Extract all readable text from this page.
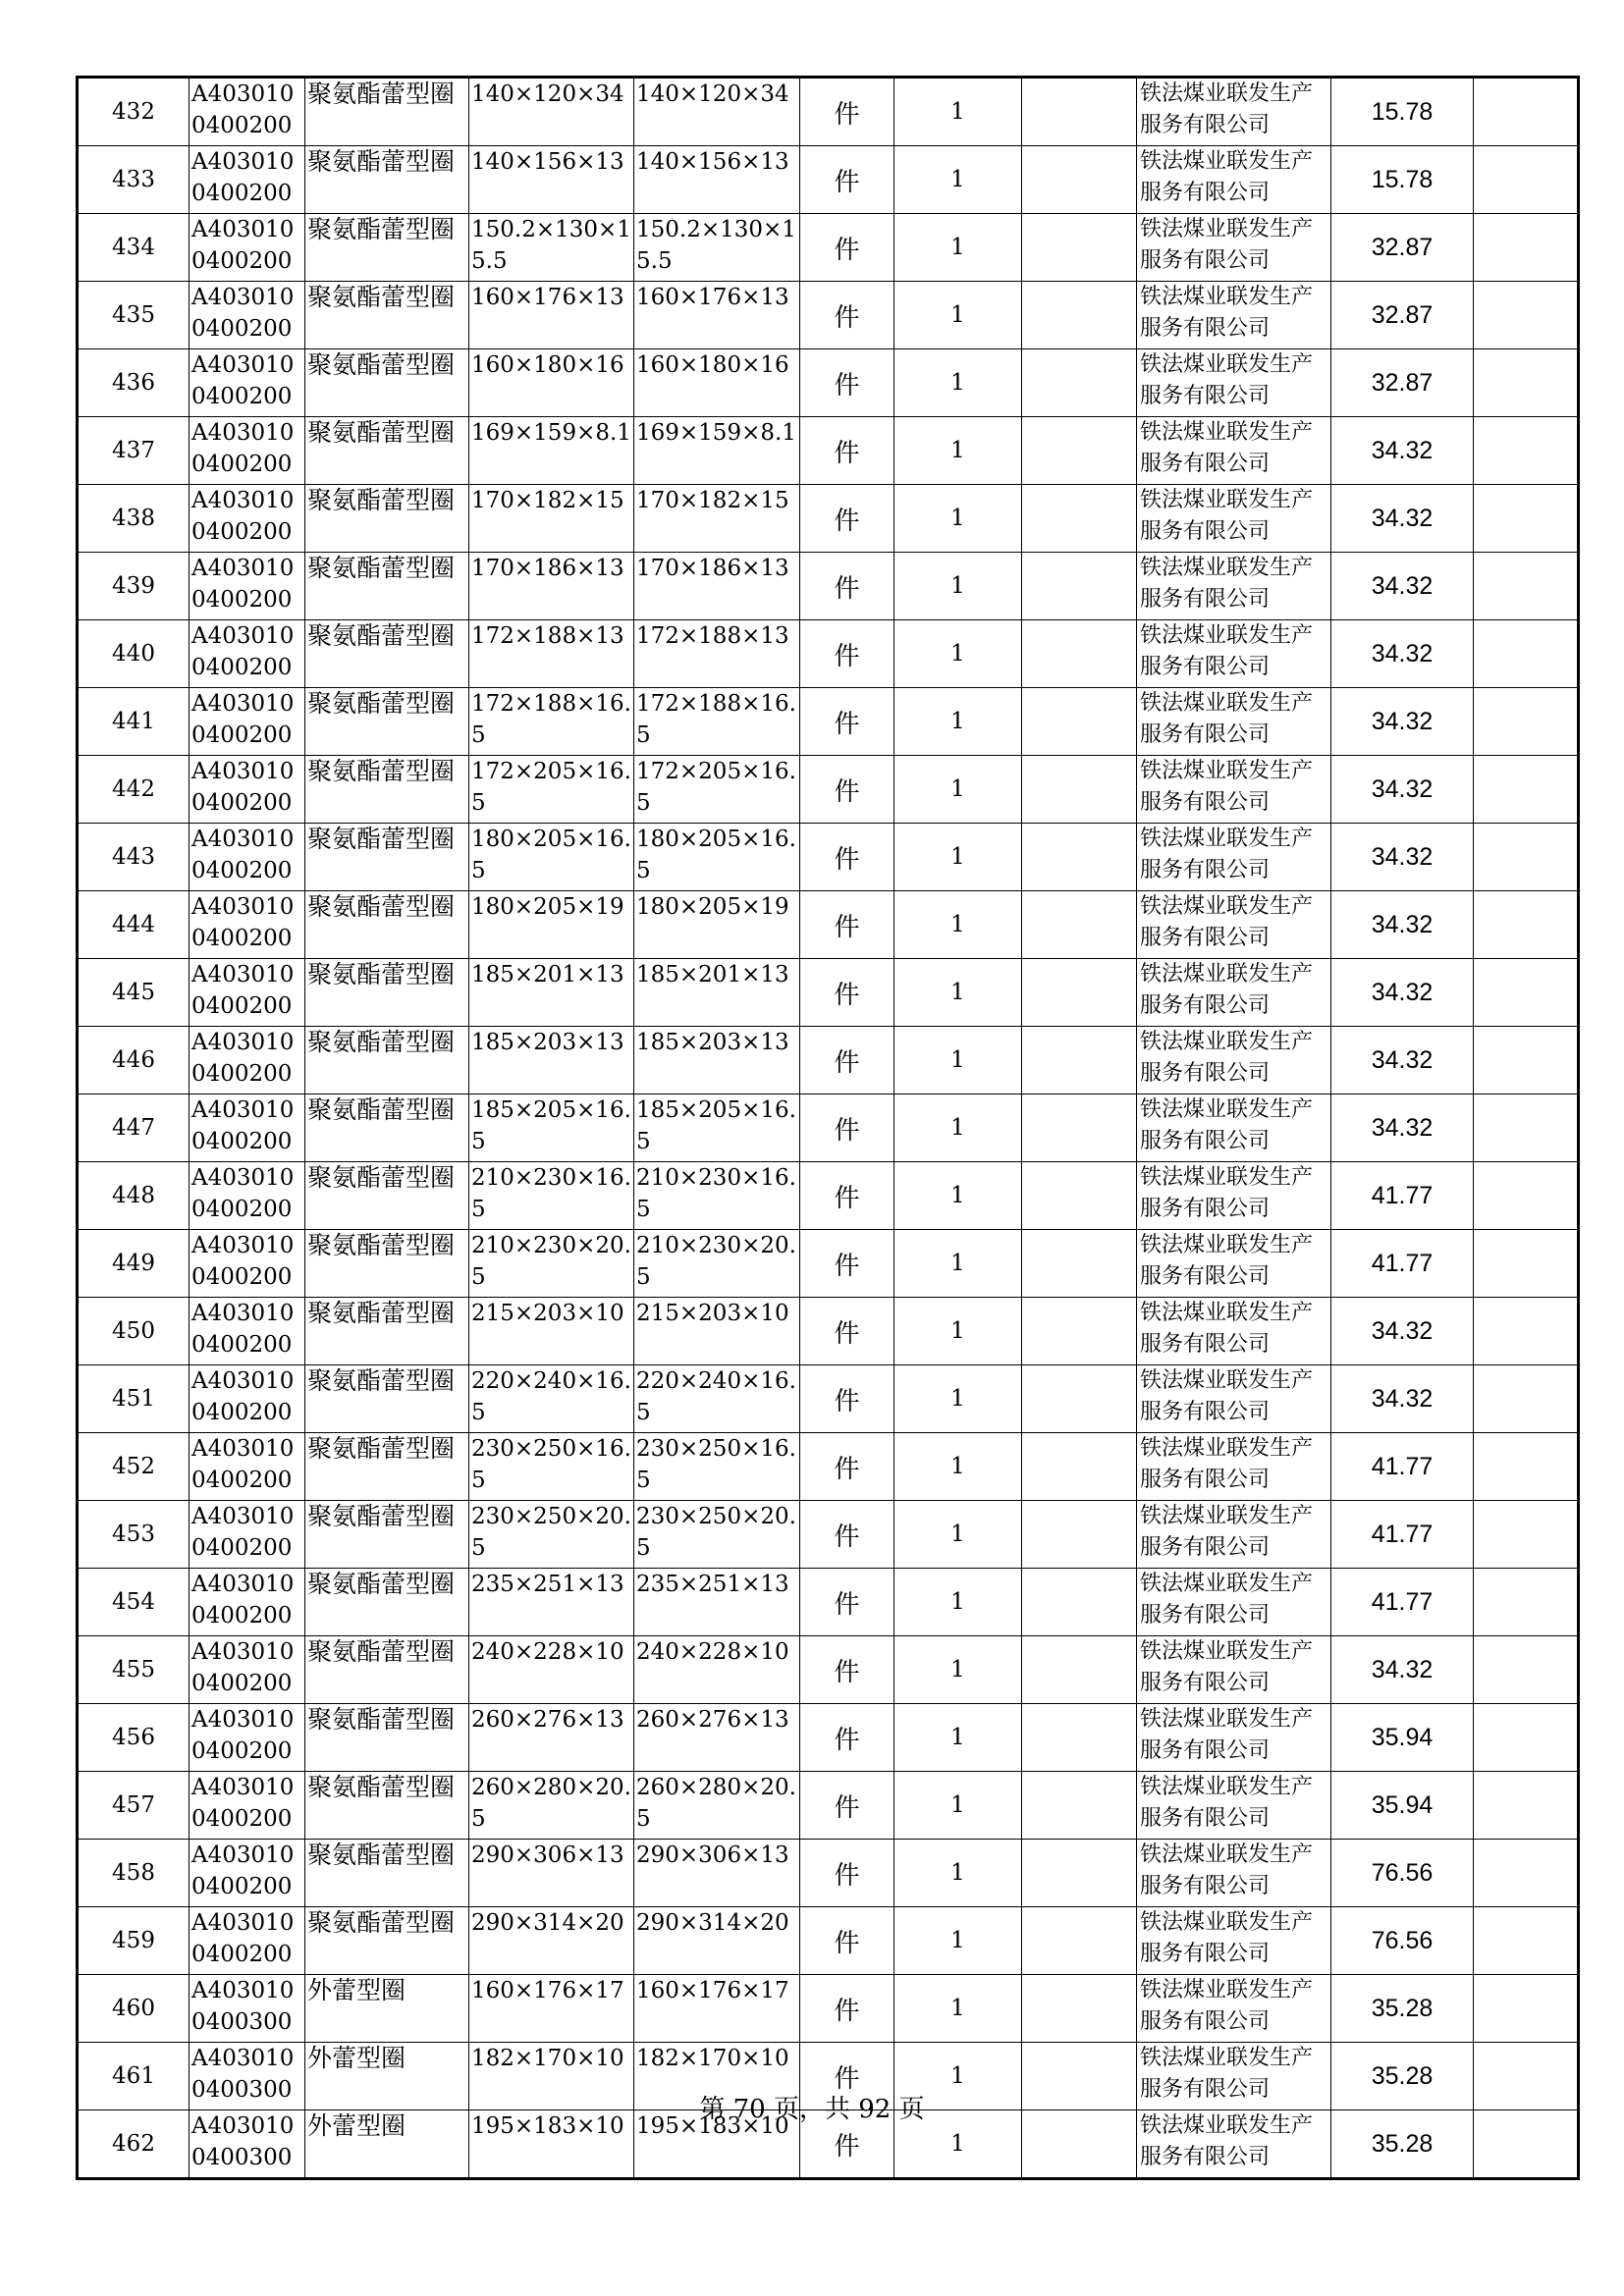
432	A4030100400200	聚氨酯蕾型圈	140×120×34	140×120×34	件	1		铁法煤业联发生产服务有限公司	15.78	
433	A4030100400200	聚氨酯蕾型圈	140×156×13	140×156×13	件	1		铁法煤业联发生产服务有限公司	15.78	
434	A4030100400200	聚氨酯蕾型圈	150.2×130×15.5	150.2×130×15.5	件	1		铁法煤业联发生产服务有限公司	32.87	
435	A4030100400200	聚氨酯蕾型圈	160×176×13	160×176×13	件	1		铁法煤业联发生产服务有限公司	32.87	
436	A4030100400200	聚氨酯蕾型圈	160×180×16	160×180×16	件	1		铁法煤业联发生产服务有限公司	32.87	
437	A4030100400200	聚氨酯蕾型圈	169×159×8.1	169×159×8.1	件	1		铁法煤业联发生产服务有限公司	34.32	
438	A4030100400200	聚氨酯蕾型圈	170×182×15	170×182×15	件	1		铁法煤业联发生产服务有限公司	34.32	
439	A4030100400200	聚氨酯蕾型圈	170×186×13	170×186×13	件	1		铁法煤业联发生产服务有限公司	34.32	
440	A4030100400200	聚氨酯蕾型圈	172×188×13	172×188×13	件	1		铁法煤业联发生产服务有限公司	34.32	
441	A4030100400200	聚氨酯蕾型圈	172×188×16.5	172×188×16.5	件	1		铁法煤业联发生产服务有限公司	34.32	
442	A4030100400200	聚氨酯蕾型圈	172×205×16.5	172×205×16.5	件	1		铁法煤业联发生产服务有限公司	34.32	
443	A4030100400200	聚氨酯蕾型圈	180×205×16.5	180×205×16.5	件	1		铁法煤业联发生产服务有限公司	34.32	
444	A4030100400200	聚氨酯蕾型圈	180×205×19	180×205×19	件	1		铁法煤业联发生产服务有限公司	34.32	
445	A4030100400200	聚氨酯蕾型圈	185×201×13	185×201×13	件	1		铁法煤业联发生产服务有限公司	34.32	
446	A4030100400200	聚氨酯蕾型圈	185×203×13	185×203×13	件	1		铁法煤业联发生产服务有限公司	34.32	
447	A4030100400200	聚氨酯蕾型圈	185×205×16.5	185×205×16.5	件	1		铁法煤业联发生产服务有限公司	34.32	
448	A4030100400200	聚氨酯蕾型圈	210×230×16.5	210×230×16.5	件	1		铁法煤业联发生产服务有限公司	41.77	
449	A4030100400200	聚氨酯蕾型圈	210×230×20.5	210×230×20.5	件	1		铁法煤业联发生产服务有限公司	41.77	
450	A4030100400200	聚氨酯蕾型圈	215×203×10	215×203×10	件	1		铁法煤业联发生产服务有限公司	34.32	
451	A4030100400200	聚氨酯蕾型圈	220×240×16.5	220×240×16.5	件	1		铁法煤业联发生产服务有限公司	34.32	
452	A4030100400200	聚氨酯蕾型圈	230×250×16.5	230×250×16.5	件	1		铁法煤业联发生产服务有限公司	41.77	
453	A4030100400200	聚氨酯蕾型圈	230×250×20.5	230×250×20.5	件	1		铁法煤业联发生产服务有限公司	41.77	
454	A4030100400200	聚氨酯蕾型圈	235×251×13	235×251×13	件	1		铁法煤业联发生产服务有限公司	41.77	
455	A4030100400200	聚氨酯蕾型圈	240×228×10	240×228×10	件	1		铁法煤业联发生产服务有限公司	34.32	
456	A4030100400200	聚氨酯蕾型圈	260×276×13	260×276×13	件	1		铁法煤业联发生产服务有限公司	35.94	
457	A4030100400200	聚氨酯蕾型圈	260×280×20.5	260×280×20.5	件	1		铁法煤业联发生产服务有限公司	35.94	
458	A4030100400200	聚氨酯蕾型圈	290×306×13	290×306×13	件	1		铁法煤业联发生产服务有限公司	76.56	
459	A4030100400200	聚氨酯蕾型圈	290×314×20	290×314×20	件	1		铁法煤业联发生产服务有限公司	76.56	
460	A4030100400300	外蕾型圈	160×176×17	160×176×17	件	1		铁法煤业联发生产服务有限公司	35.28	
461	A4030100400300	外蕾型圈	182×170×10	182×170×10	件	1		铁法煤业联发生产服务有限公司	35.28	
462	A4030100400300	外蕾型圈	195×183×10	195×183×10	件	1		铁法煤业联发生产服务有限公司	35.28	
第 70 页，共 92 页
